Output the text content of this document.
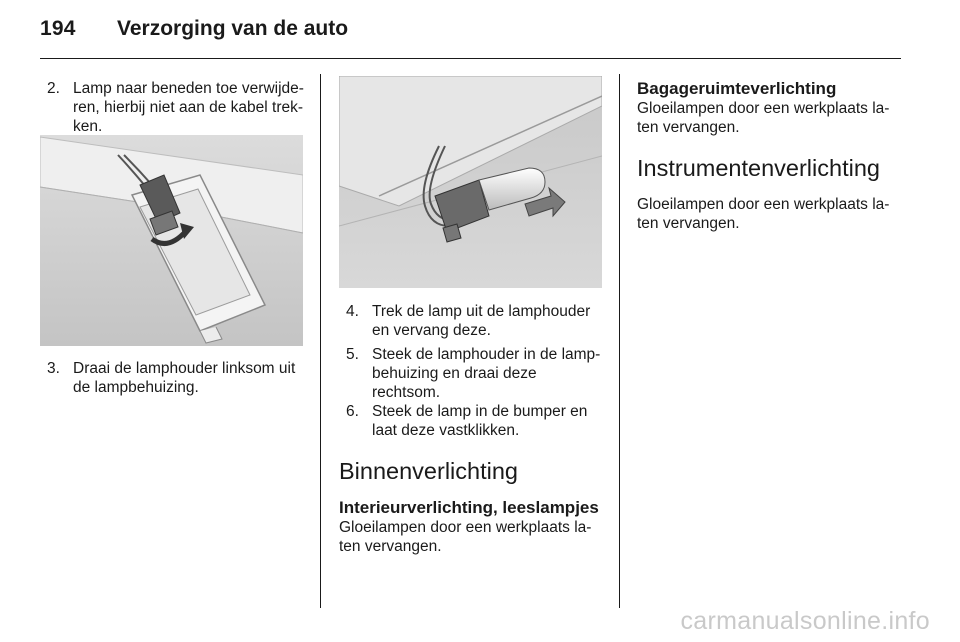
194 Verzorging van de auto
2. Lamp naar beneden toe verwijde-ren, hierbij niet aan de kabel trek-ken.
3. Draai de lamphouder linksom uit de lampbehuizing.
4. Trek de lamp uit de lamphouder en vervang deze.
5. Steek de lamphouder in de lamp-behuizing en draai deze rechtsom.
6. Steek de lamp in de bumper en laat deze vastklikken.
Binnenverlichting
Interieurverlichting, leeslampjes

Gloeilampen door een werkplaats la-ten vervangen.

Bagageruimteverlichting

Gloeilampen door een werkplaats la-ten vervangen.

Instrumentenverlichting

Gloeilampen door een werkplaats la-ten vervangen.

carmanualsonline.info
